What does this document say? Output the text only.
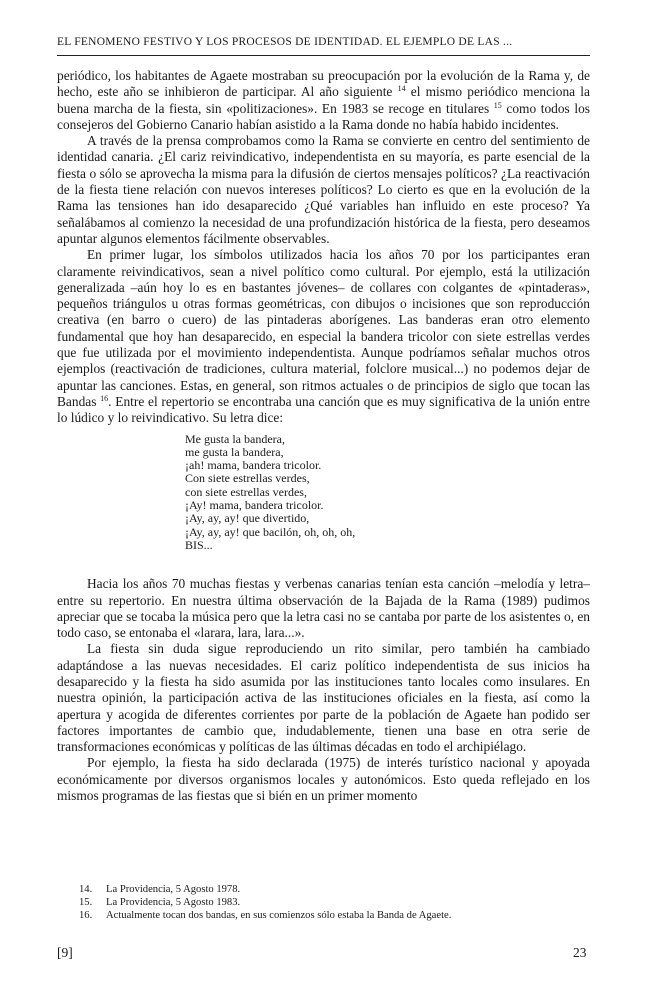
EL FENOMENO FESTIVO Y LOS PROCESOS DE IDENTIDAD. EL EJEMPLO DE LAS ...

periódico, los habitantes de Agaete mostraban su preocupación por la evolución de la Rama y, de hecho, este año se inhibieron de participar. Al año siguiente $^{14}$ el mismo periódico menciona la buena marcha de la fiesta, sin «politizaciones». En 1983 se recoge en titulares $^{15}$ como todos los consejeros del Gobierno Canario habían asistido a la Rama donde no había habido incidentes.

A través de la prensa comprobamos como la Rama se convierte en centro del sentimiento de identidad canaria. ¿El cariz reivindicativo, independentista en su mayoría, es parte esencial de la fiesta o sólo se aprovecha la misma para la difusión de ciertos mensajes políticos? ¿La reactivación de la fiesta tiene relación con nuevos intereses políticos? Lo cierto es que en la evolución de la Rama las tensiones han ido desaparecido ¿Qué variables han influido en este proceso? Ya señalábamos al comienzo la necesidad de una profundización histórica de la fiesta, pero deseamos apuntar algunos elementos fácilmente observables.

En primer lugar, los símbolos utilizados hacia los años 70 por los participantes eran claramente reivindicativos, sean a nivel político como cultural. Por ejemplo, está la utilización generalizada –aún hoy lo es en bastantes jóvenes– de collares con colgantes de «pintaderas», pequeños triángulos u otras formas geométricas, con dibujos o incisiones que son reproducción creativa (en barro o cuero) de las pintaderas aborígenes. Las banderas eran otro elemento fundamental que hoy han desaparecido, en especial la bandera tricolor con siete estrellas verdes que fue utilizada por el movimiento independentista. Aunque podríamos señalar muchos otros ejemplos (reactivación de tradiciones, cultura material, folclore musical...) no podemos dejar de apuntar las canciones. Estas, en general, son ritmos actuales o de principios de siglo que tocan las Bandas $^{16}$. Entre el repertorio se encontraba una canción que es muy significativa de la unión entre lo lúdico y lo reivindicativo. Su letra dice:

Me gusta la bandera,
me gusta la bandera,
¡ah! mama, bandera tricolor.
Con siete estrellas verdes,
con siete estrellas verdes,
¡Ay! mama, bandera tricolor.
¡Ay, ay, ay! que divertido,
¡Ay, ay, ay! que bacilón, oh, oh, oh,
BIS...

Hacia los años 70 muchas fiestas y verbenas canarias tenían esta canción –melodía y letra– entre su repertorio. En nuestra última observación de la Bajada de la Rama (1989) pudimos apreciar que se tocaba la música pero que la letra casi no se cantaba por parte de los asistentes o, en todo caso, se entonaba el «larara, lara, lara...».

La fiesta sin duda sigue reproduciendo un rito similar, pero también ha cambiado adaptándose a las nuevas necesidades. El cariz político independentista de sus inicios ha desaparecido y la fiesta ha sido asumida por las instituciones tanto locales como insulares. En nuestra opinión, la participación activa de las instituciones oficiales en la fiesta, así como la apertura y acogida de diferentes corrientes por parte de la población de Agaete han podido ser factores importantes de cambio que, indudablemente, tienen una base en otra serie de transformaciones económicas y políticas de las últimas décadas en todo el archipiélago.

Por ejemplo, la fiesta ha sido declarada (1975) de interés turístico nacional y apoyada económicamente por diversos organismos locales y autonómicos. Esto queda reflejado en los mismos programas de las fiestas que si bién en un primer momento

14. La Providencia, 5 Agosto 1978.
15. La Providencia, 5 Agosto 1983.
16. Actualmente tocan dos bandas, en sus comienzos sólo estaba la Banda de Agaete.
[9]	23
